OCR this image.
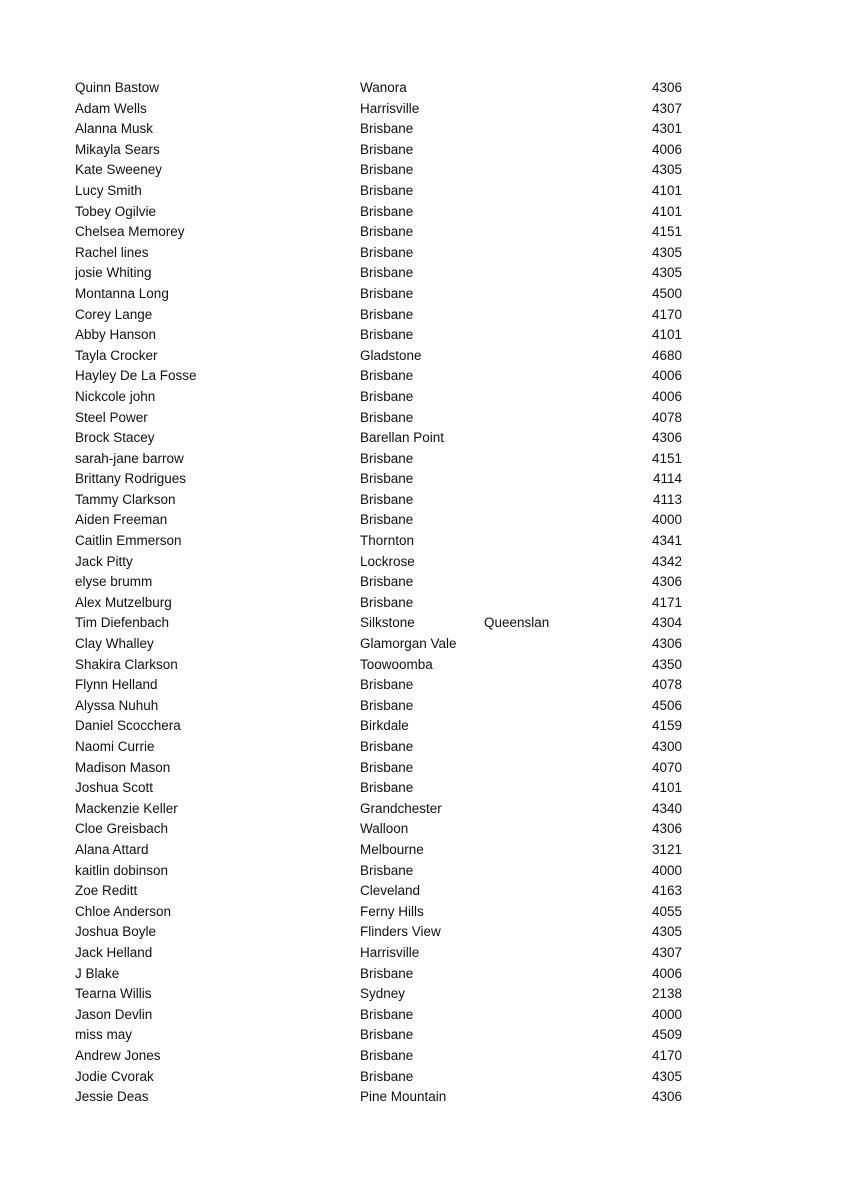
Quinn Bastow	Wanora	4306
Adam Wells	Harrisville	4307
Alanna Musk	Brisbane	4301
Mikayla Sears	Brisbane	4006
Kate Sweeney	Brisbane	4305
Lucy Smith	Brisbane	4101
Tobey Ogilvie	Brisbane	4101
Chelsea Memorey	Brisbane	4151
Rachel lines	Brisbane	4305
josie Whiting	Brisbane	4305
Montanna Long	Brisbane	4500
Corey Lange	Brisbane	4170
Abby Hanson	Brisbane	4101
Tayla Crocker	Gladstone	4680
Hayley De La Fosse	Brisbane	4006
Nickcole john	Brisbane	4006
Steel Power	Brisbane	4078
Brock Stacey	Barellan Point	4306
sarah-jane barrow	Brisbane	4151
Brittany Rodrigues	Brisbane	4114
Tammy Clarkson	Brisbane	4113
Aiden Freeman	Brisbane	4000
Caitlin Emmerson	Thornton	4341
Jack Pitty	Lockrose	4342
elyse brumm	Brisbane	4306
Alex Mutzelburg	Brisbane	4171
Tim Diefenbach	Silkstone	Queenslan	4304
Clay Whalley	Glamorgan Vale	4306
Shakira Clarkson	Toowoomba	4350
Flynn Helland	Brisbane	4078
Alyssa Nuhuh	Brisbane	4506
Daniel Scocchera	Birkdale	4159
Naomi Currie	Brisbane	4300
Madison Mason	Brisbane	4070
Joshua Scott	Brisbane	4101
Mackenzie Keller	Grandchester	4340
Cloe Greisbach	Walloon	4306
Alana Attard	Melbourne	3121
kaitlin dobinson	Brisbane	4000
Zoe Reditt	Cleveland	4163
Chloe Anderson	Ferny Hills	4055
Joshua Boyle	Flinders View	4305
Jack Helland	Harrisville	4307
J Blake	Brisbane	4006
Tearna Willis	Sydney	2138
Jason Devlin	Brisbane	4000
miss may	Brisbane	4509
Andrew Jones	Brisbane	4170
Jodie Cvorak	Brisbane	4305
Jessie Deas	Pine Mountain	4306
